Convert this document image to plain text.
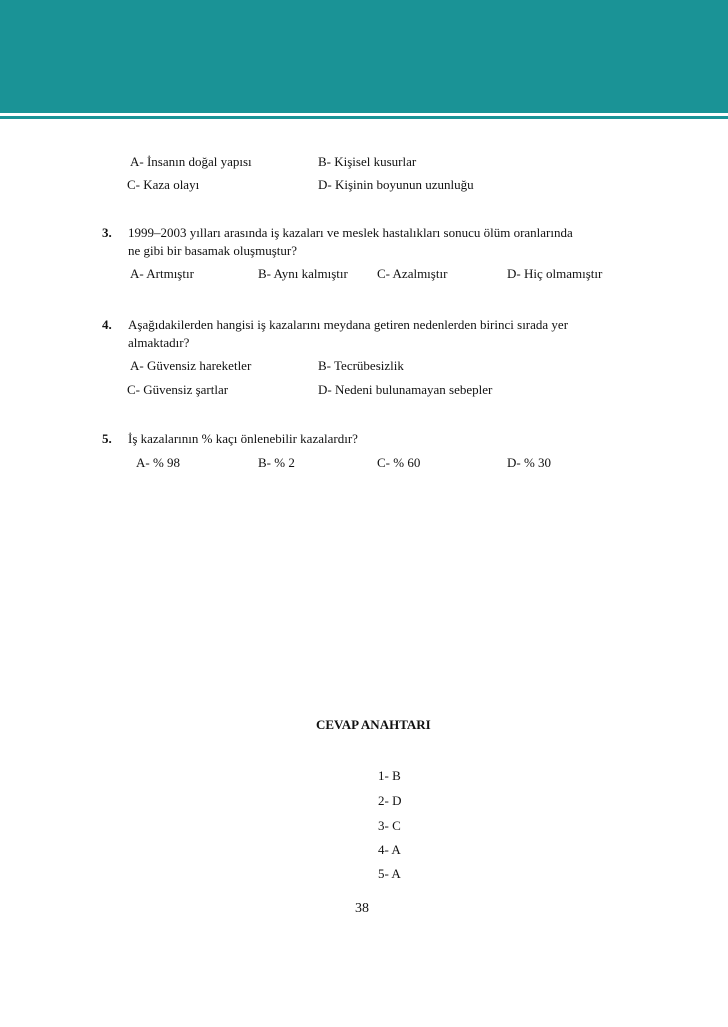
A- İnsanın doğal yapısı	B- Kişisel kusurlar
C- Kaza olayı	D- Kişinin boyunun uzunluğu
3. 1999–2003 yılları arasında iş kazaları ve meslek hastalıkları sonucu ölüm oranlarında
ne gibi bir basamak oluşmuştur?
A- Artmıştır	B- Aynı kalmıştır C- Azalmıştır	D- Hiç olmamıştır
4. Aşağıdakilerden hangisi iş kazalarını meydana getiren nedenlerden birinci sırada yer
almaktadır?
A- Güvensiz hareketler	B- Tecrübesizlik
C- Güvensiz şartlar	D- Nedeni bulunamayan sebepler
5. İş kazalarının % kaçı önlenebilir kazalardır?
A- % 98	B- % 2	C- % 60	D- % 30
CEVAP ANAHTARI
1- B
2- D
3- C
4- A
5- A
38
